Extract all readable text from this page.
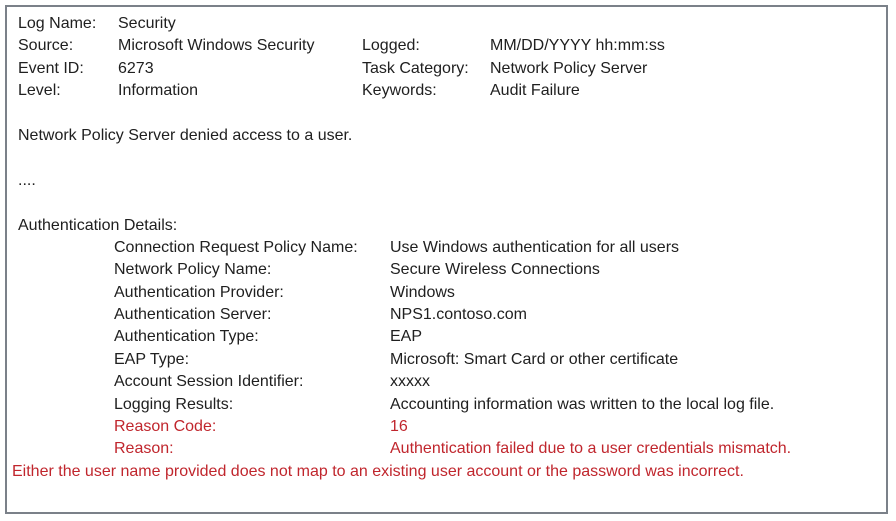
Log Name: Security
Source:	Microsoft Windows Security	Logged:	MM/DD/YYYY hh:mm:ss
Event ID: 6273	Task Category: Network Policy Server
Level:	Information	Keywords:	Audit Failure
Network Policy Server denied access to a user.
....
Authentication Details:
Connection Request Policy Name: Use Windows authentication for all users
Network Policy Name:	Secure Wireless Connections
Authentication Provider:	Windows
Authentication Server:	NPS1.contoso.com
Authentication Type:	EAP
EAP Type:	Microsoft: Smart Card or other certificate
Account Session Identifier:	xxxxx
Logging Results:	Accounting information was written to the local log file.
Reason Code:	16
Reason:	Authentication failed due to a user credentials mismatch.
Either the user name provided does not map to an existing user account or the password was incorrect.
